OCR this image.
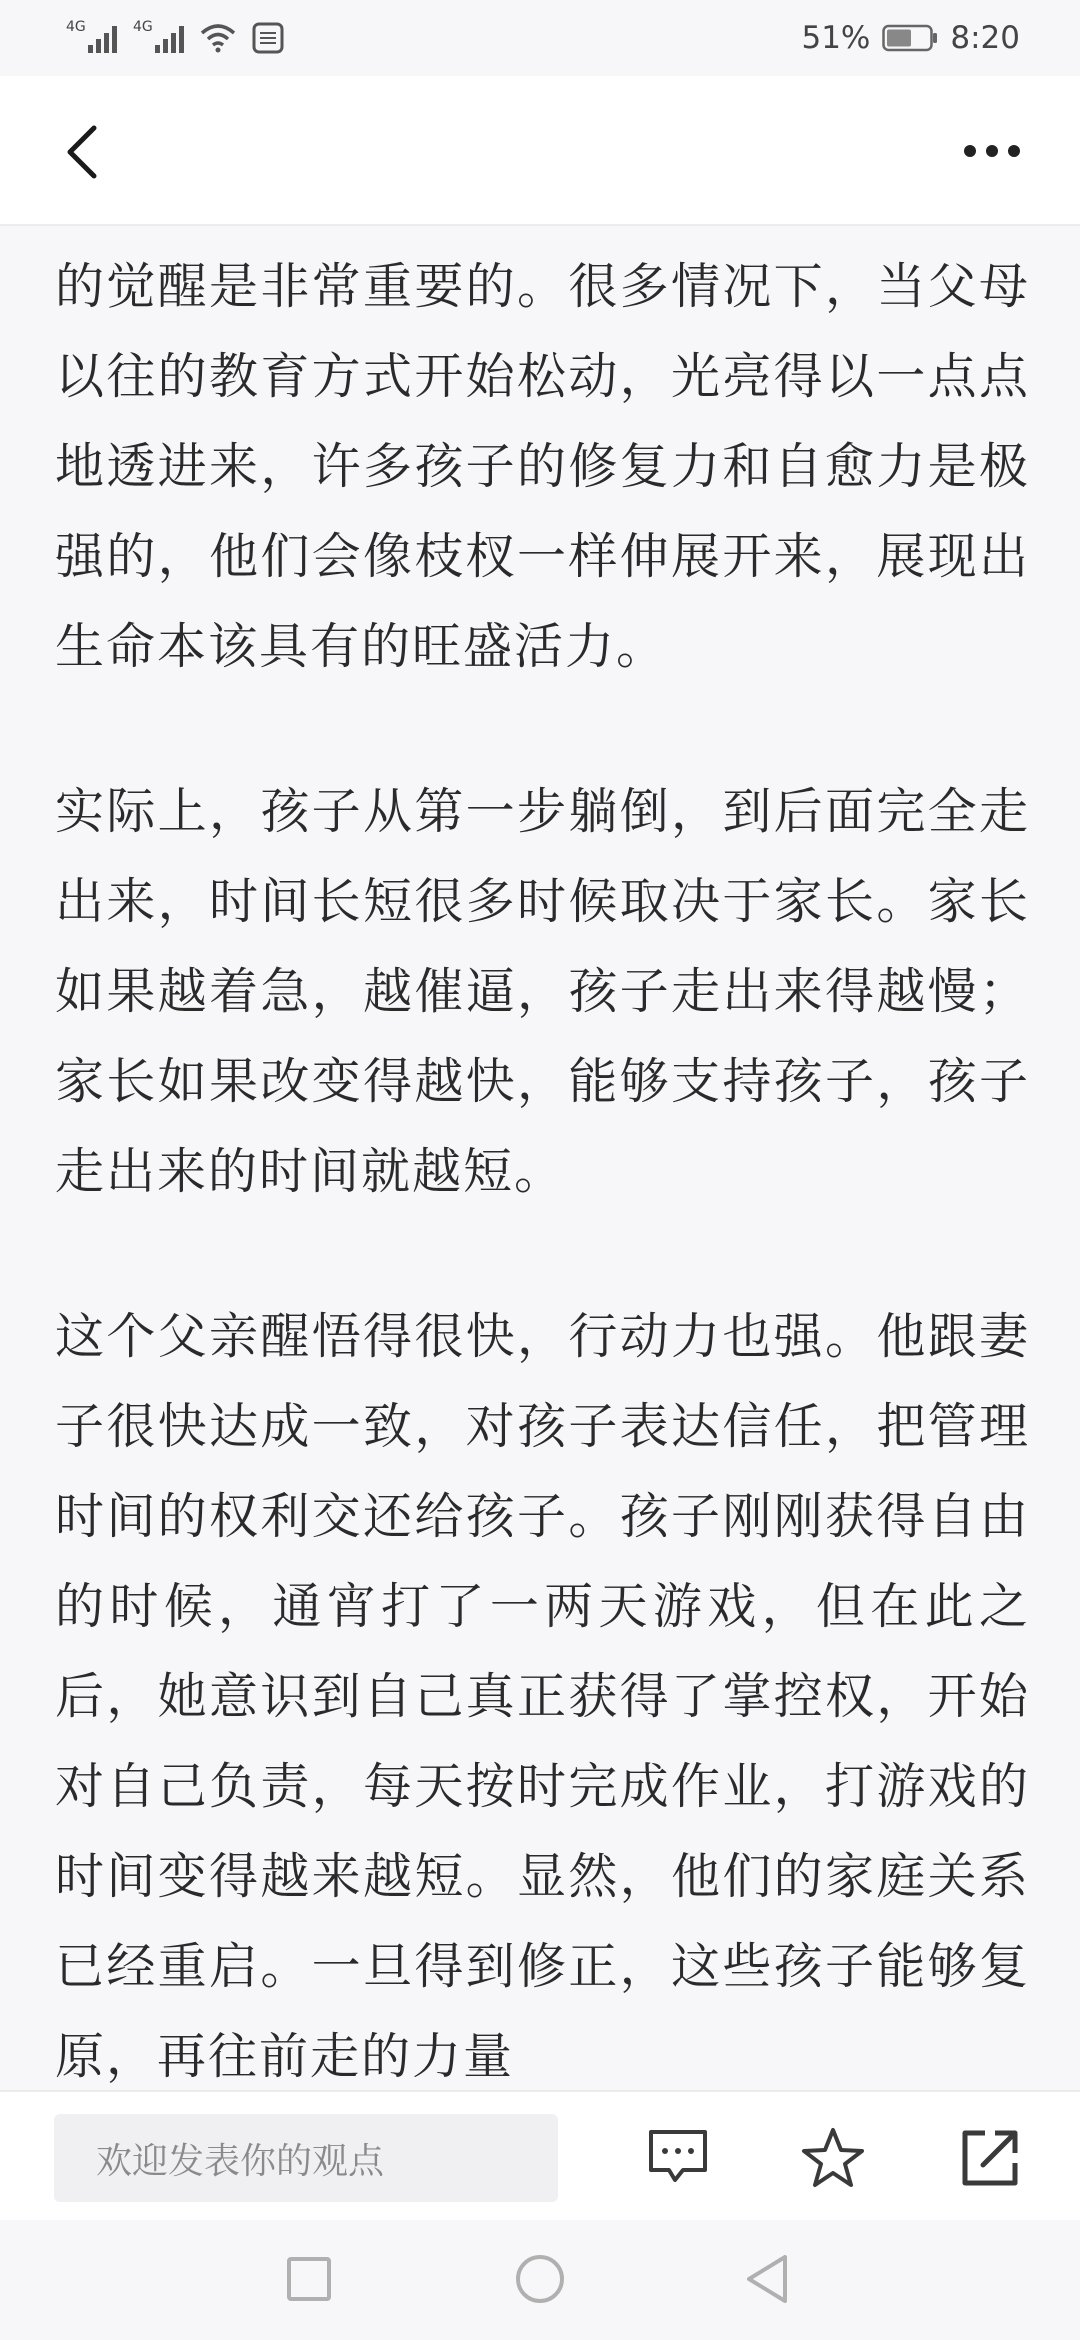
4G	4G	51%	8:20

的觉醒是非常重要的。很多情况下，当父母以往的教育方式开始松动，光亮得以一点点地透进来，许多孩子的修复力和自愈力是极强的，他们会像枝杈一样伸展开来，展现出生命本该具有的旺盛活力。

实际上，孩子从第一步躺倒，到后面完全走出来，时间长短很多时候取决于家长。家长如果越着急，越催逼，孩子走出来得越慢；家长如果改变得越快，能够支持孩子，孩子走出来的时间就越短。

这个父亲醒悟得很快，行动力也强。他跟妻子很快达成一致，对孩子表达信任，把管理时间的权利交还给孩子。孩子刚刚获得自由的时候，通宵打了一两天游戏，但在此之后，她意识到自己真正获得了掌控权，开始对自己负责，每天按时完成作业，打游戏的时间变得越来越短。显然，他们的家庭关系已经重启。一旦得到修正，这些孩子能够复原，再往前走的力量

欢迎发表你的观点
